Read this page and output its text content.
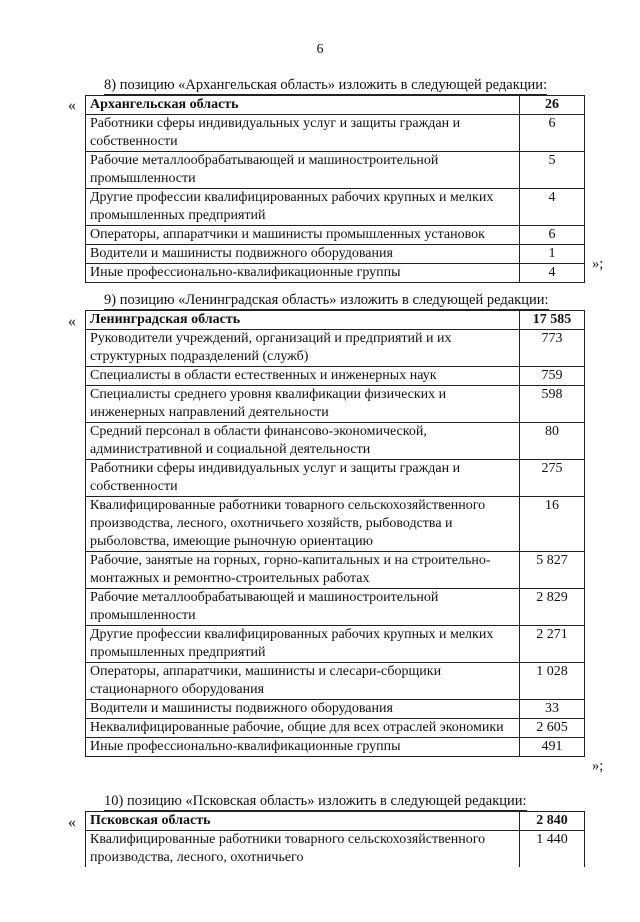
6
8) позицию «Архангельская область» изложить в следующей редакции:
« Архангельская область	26
Работники сферы индивидуальных услуг и защиты граждан и собственности	6
Рабочие металлообрабатывающей и машиностроительной промышленности	5
Другие профессии квалифицированных рабочих крупных и мелких промышленных предприятий	4
Операторы, аппаратчики и машинисты промышленных установок	6
Водители и машинисты подвижного оборудования	1
Иные профессионально-квалификационные группы	4
»;
9) позицию «Ленинградская область» изложить в следующей редакции:
« Ленинградская область	17 585
Руководители учреждений, организаций и предприятий и их структурных подразделений (служб)	773
Специалисты в области естественных и инженерных наук	759
Специалисты среднего уровня квалификации физических и инженерных направлений деятельности	598
Средний персонал в области финансово-экономической, административной и социальной деятельности	80
Работники сферы индивидуальных услуг и защиты граждан и собственности	275
Квалифицированные работники товарного сельскохозяйственного производства, лесного, охотничьего хозяйств, рыбоводства и рыболовства, имеющие рыночную ориентацию	16
Рабочие, занятые на горных, горно-капитальных и на строительно-монтажных и ремонтно-строительных работах	5 827
Рабочие металлообрабатывающей и машиностроительной промышленности	2 829
Другие профессии квалифицированных рабочих крупных и мелких промышленных предприятий	2 271
Операторы, аппаратчики, машинисты и слесари-сборщики стационарного оборудования	1 028
Водители и машинисты подвижного оборудования	33
Неквалифицированные рабочие, общие для всех отраслей экономики	2 605
Иные профессионально-квалификационные группы	491
»;
10) позицию «Псковская область» изложить в следующей редакции:
« Псковская область	2 840
Квалифицированные работники товарного сельскохозяйственного производства, лесного, охотничьего	1 440
